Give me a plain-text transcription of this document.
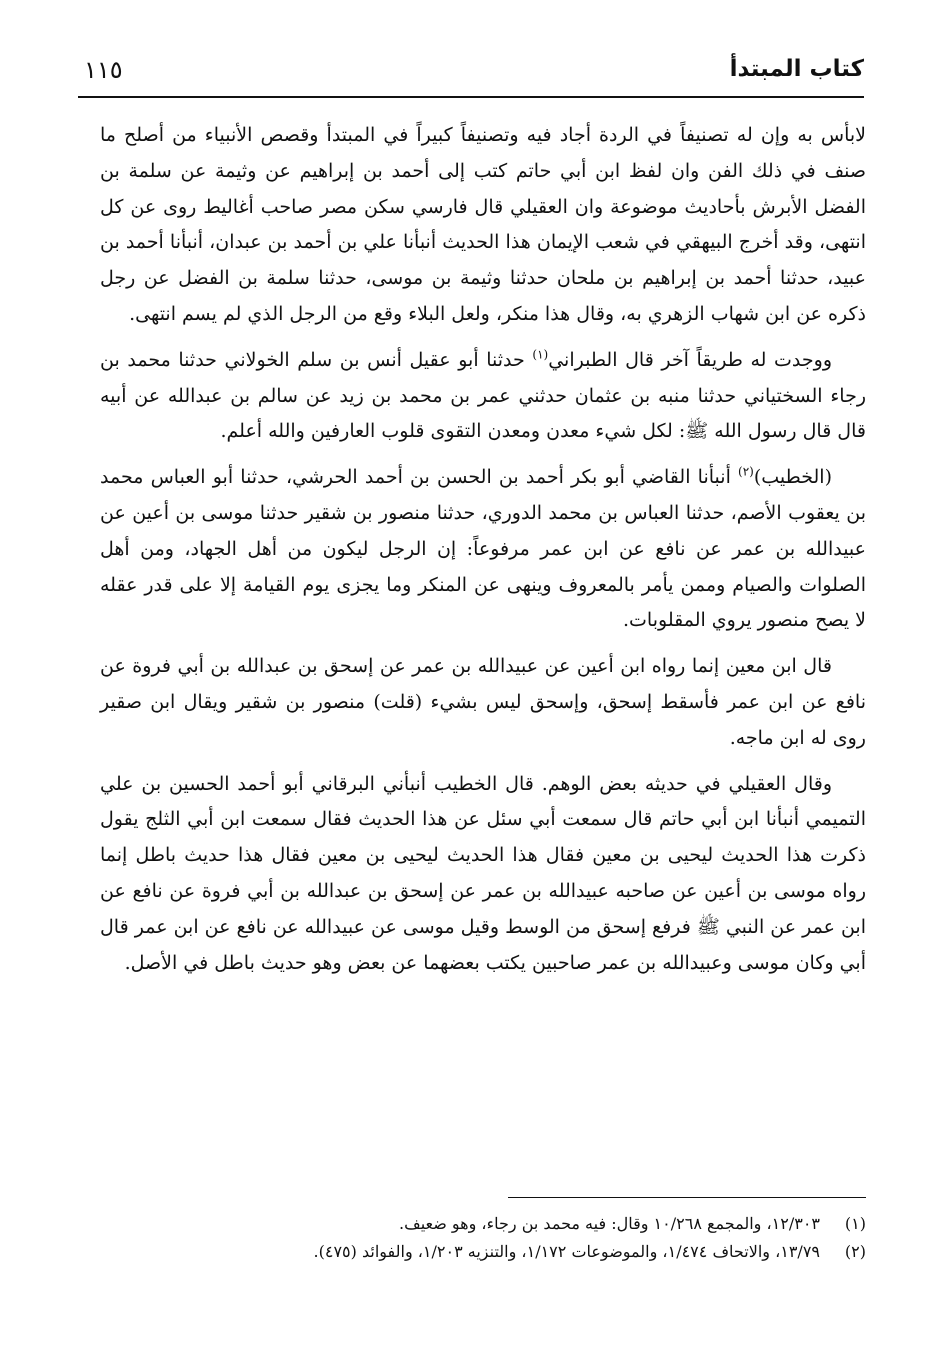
كتاب المبتدأ
١١٥

لابأس به وإن له تصنيفاً في الردة أجاد فيه وتصنيفاً كبيراً في المبتدأ وقصص الأنبياء من أصلح ما صنف في ذلك الفن وان لفظ ابن أبي حاتم كتب إلى أحمد بن إبراهيم عن وثيمة عن سلمة بن الفضل الأبرش بأحاديث موضوعة وان العقيلي قال فارسي سكن مصر صاحب أغاليط روى عن كل انتهى، وقد أخرج البيهقي في شعب الإيمان هذا الحديث أنبأنا علي بن أحمد بن عبدان، أنبأنا أحمد بن عبيد، حدثنا أحمد بن إبراهيم بن ملحان حدثنا وثيمة بن موسى، حدثنا سلمة بن الفضل عن رجل ذكره عن ابن شهاب الزهري به، وقال هذا منكر، ولعل البلاء وقع من الرجل الذي لم يسم انتهى.

ووجدت له طريقاً آخر قال الطبراني$^{(١)}$ حدثنا أبو عقيل أنس بن سلم الخولاني حدثنا محمد بن رجاء السختياني حدثنا منبه بن عثمان حدثني عمر بن محمد بن زيد عن سالم بن عبدالله عن أبيه قال قال رسول الله ﷺ: لكل شيء معدن ومعدن التقوى قلوب العارفين والله أعلم.

(الخطيب)$^{(٢)}$ أنبأنا القاضي أبو بكر أحمد بن الحسن بن أحمد الحرشي، حدثنا أبو العباس محمد بن يعقوب الأصم، حدثنا العباس بن محمد الدوري، حدثنا منصور بن شقير حدثنا موسى بن أعين عن عبيدالله بن عمر عن نافع عن ابن عمر مرفوعاً: إن الرجل ليكون من أهل الجهاد، ومن أهل الصلوات والصيام وممن يأمر بالمعروف وينهى عن المنكر وما يجزى يوم القيامة إلا على قدر عقله لا يصح منصور يروي المقلوبات.

قال ابن معين إنما رواه ابن أعين عن عبيدالله بن عمر عن إسحق بن عبدالله بن أبي فروة عن نافع عن ابن عمر فأسقط إسحق، وإسحق ليس بشيء (قلت) منصور بن شقير ويقال ابن صقير روى له ابن ماجه.

وقال العقيلي في حديثه بعض الوهم. قال الخطيب أنبأني البرقاني أبو أحمد الحسين بن علي التميمي أنبأنا ابن أبي حاتم قال سمعت أبي سئل عن هذا الحديث فقال سمعت ابن أبي الثلج يقول ذكرت هذا الحديث ليحيى بن معين فقال هذا الحديث ليحيى بن معين فقال هذا حديث باطل إنما رواه موسى بن أعين عن صاحبه عبيدالله بن عمر عن إسحق بن عبدالله بن أبي فروة عن نافع عن ابن عمر عن النبي ﷺ فرفع إسحق من الوسط وقيل موسى عن عبيدالله عن نافع عن ابن عمر قال أبي وكان موسى وعبيدالله بن عمر صاحبين يكتب بعضهما عن بعض وهو حديث باطل في الأصل.

(١)١٢/٣٠٣، والمجمع ١٠/٢٦٨ وقال: فيه محمد بن رجاء، وهو ضعيف.

(٢)١٣/٧٩، والاتحاف ١/٤٧٤، والموضوعات ١/١٧٢، والتنزيه ١/٢٠٣، والفوائد (٤٧٥).
